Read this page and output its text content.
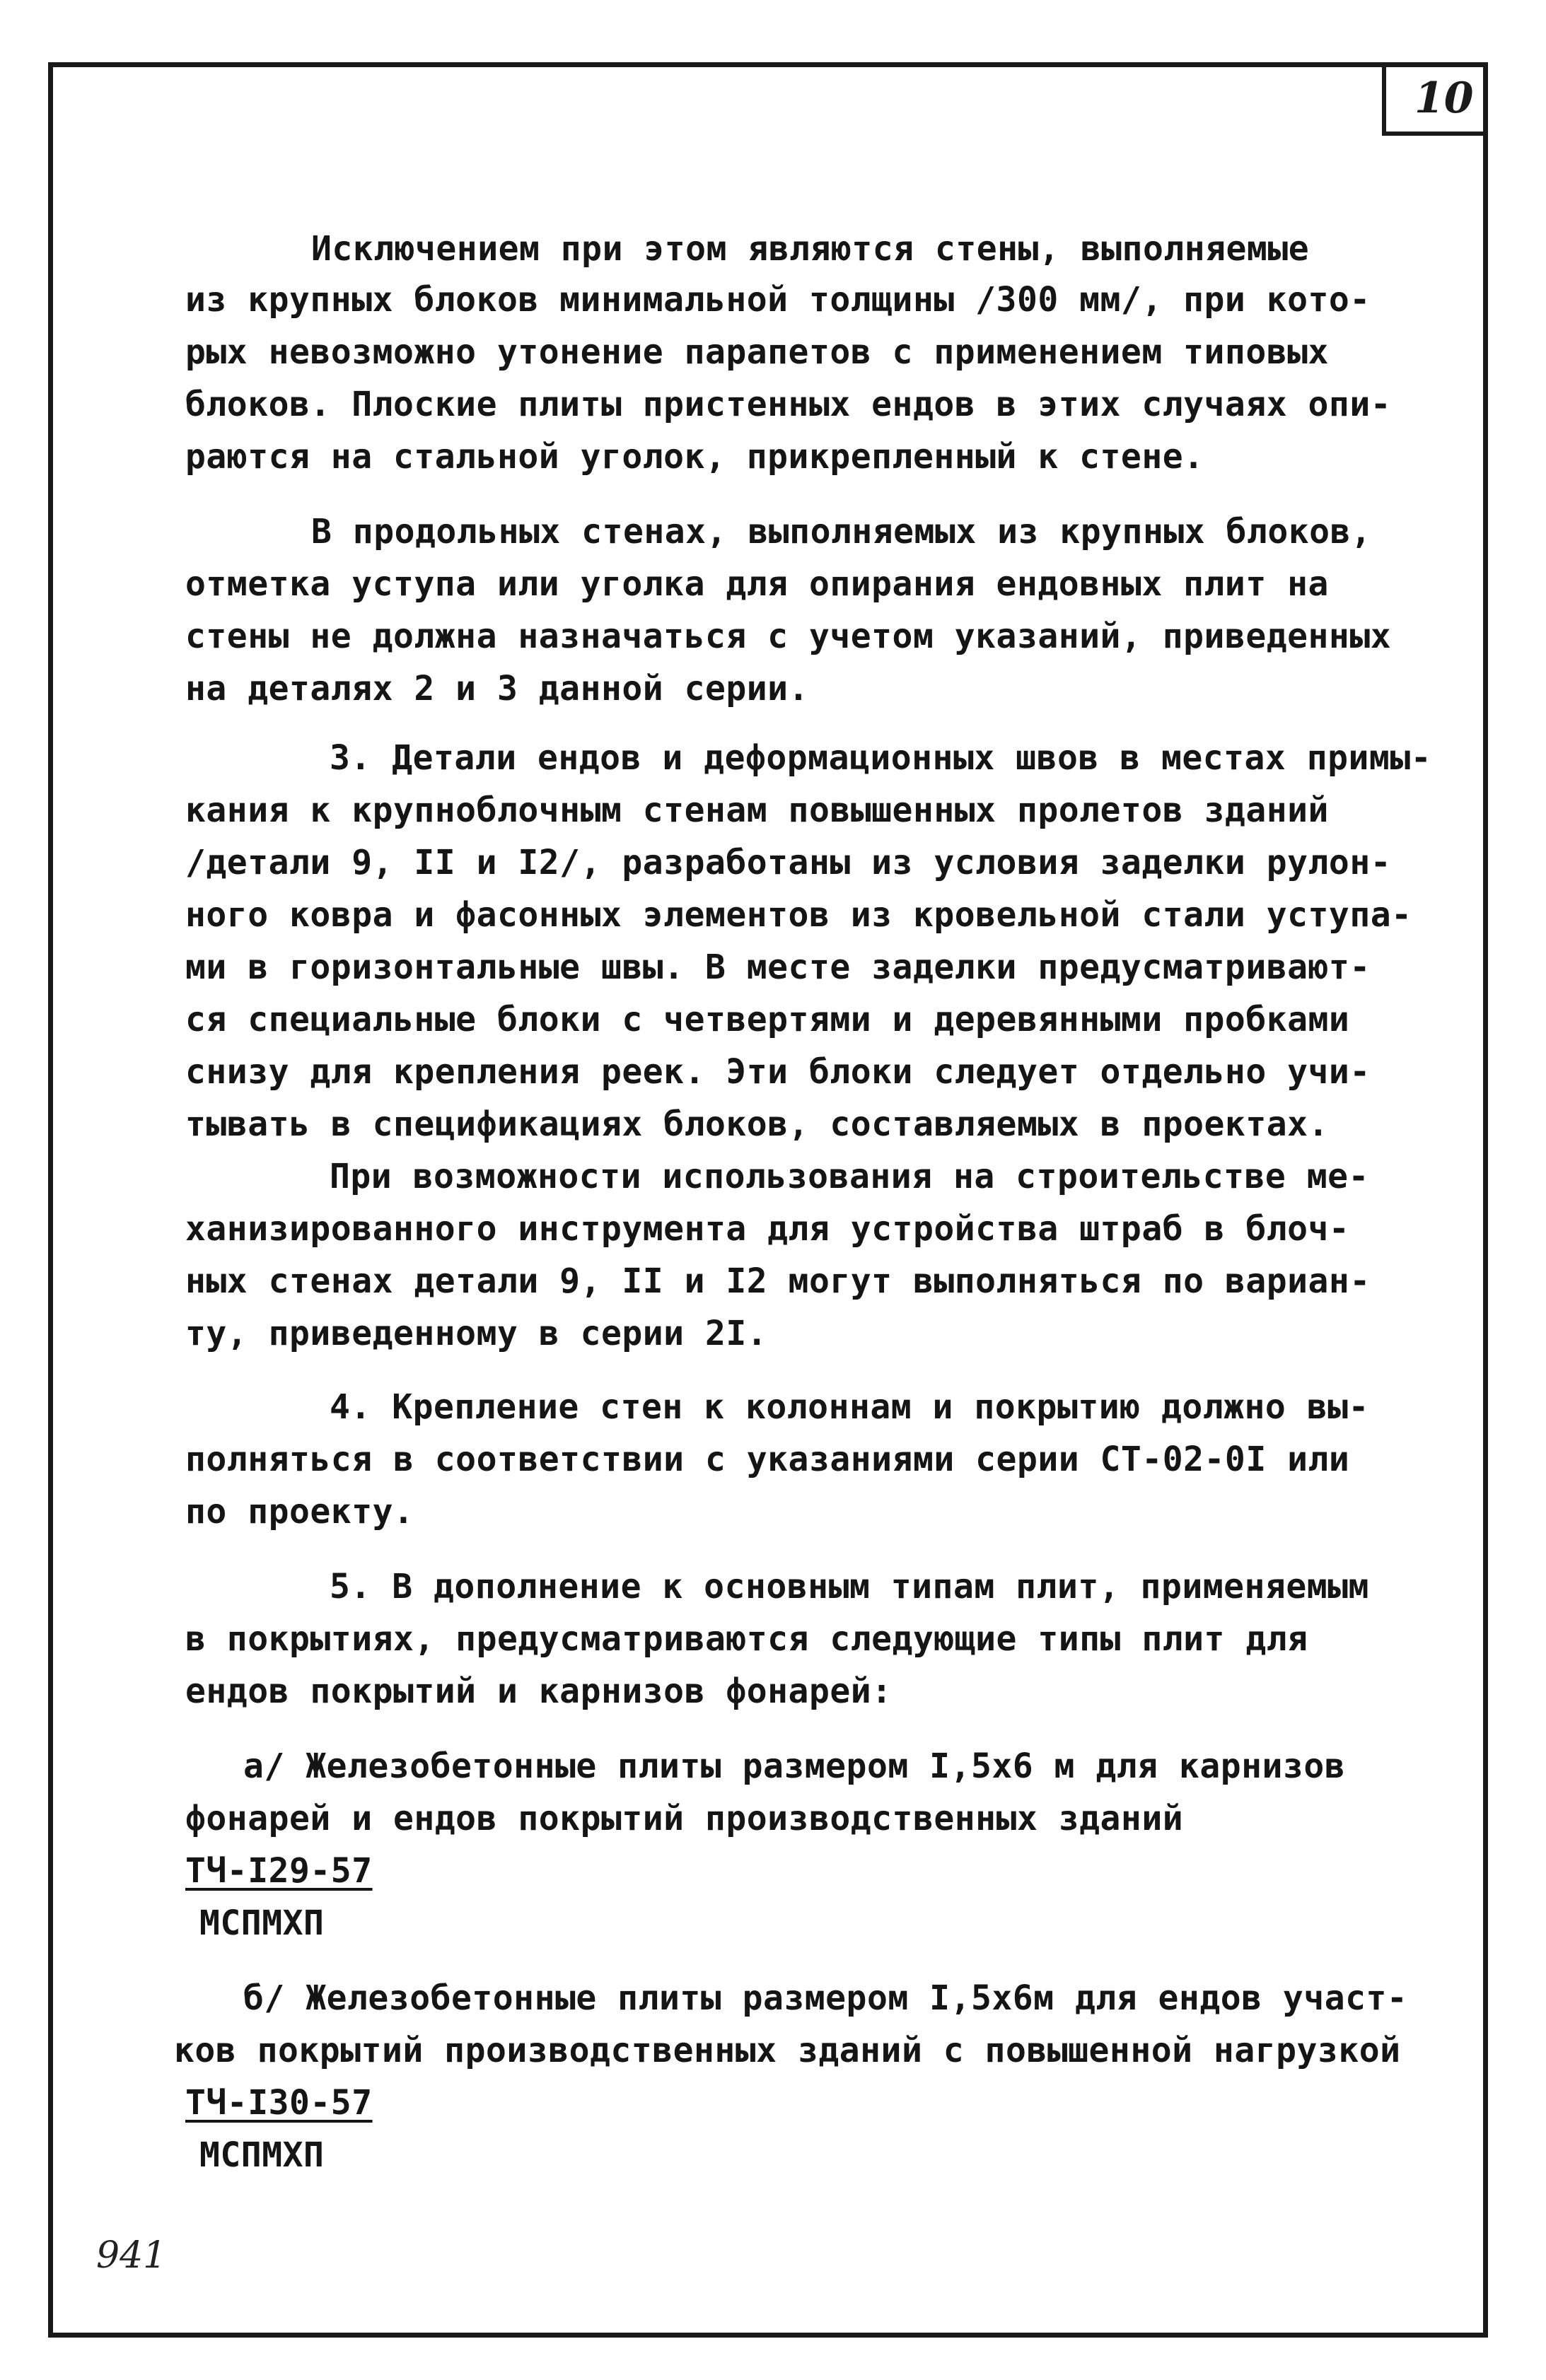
10
Исключением при этом являются стены, выполняемые
из крупных блоков минимальной толщины /300 мм/, при кото-
рых невозможно утонение парапетов с применением типовых
блоков. Плоские плиты пристенных ендов в этих случаях опи-
раются на стальной уголок, прикрепленный к стене.
В продольных стенах, выполняемых из крупных блоков,
отметка уступа или уголка для опирания ендовных плит на
стены не должна назначаться с учетом указаний, приведенных
на деталях 2 и 3 данной серии.
3. Детали ендов и деформационных швов в местах примы-
кания к крупноблочным стенам повышенных пролетов зданий
/детали 9, II и I2/, разработаны из условия заделки рулон-
ного ковра и фасонных элементов из кровельной стали уступа-
ми в горизонтальные швы. В месте заделки предусматривают-
ся специальные блоки с четвертями и деревянными пробками
снизу для крепления реек. Эти блоки следует отдельно учи-
тывать в спецификациях блоков, составляемых в проектах.
При возможности использования на строительстве ме-
ханизированного инструмента для устройства штраб в блоч-
ных стенах детали 9, II и I2 могут выполняться по вариан-
ту, приведенному в серии 2I.
4. Крепление стен к колоннам и покрытию должно вы-
полняться в соответствии с указаниями серии СТ-02-0I или
по проекту.
5. В дополнение к основным типам плит, применяемым
в покрытиях, предусматриваются следующие типы плит для
ендов покрытий и карнизов фонарей:
а/ Железобетонные плиты размером I,5х6 м для карнизов
фонарей и ендов покрытий производственных зданий
ТЧ-I29-57
МСПМХП
б/ Железобетонные плиты размером I,5х6м для ендов участ-
ков покрытий производственных зданий с повышенной нагрузкой
ТЧ-I30-57
МСПМХП
941
